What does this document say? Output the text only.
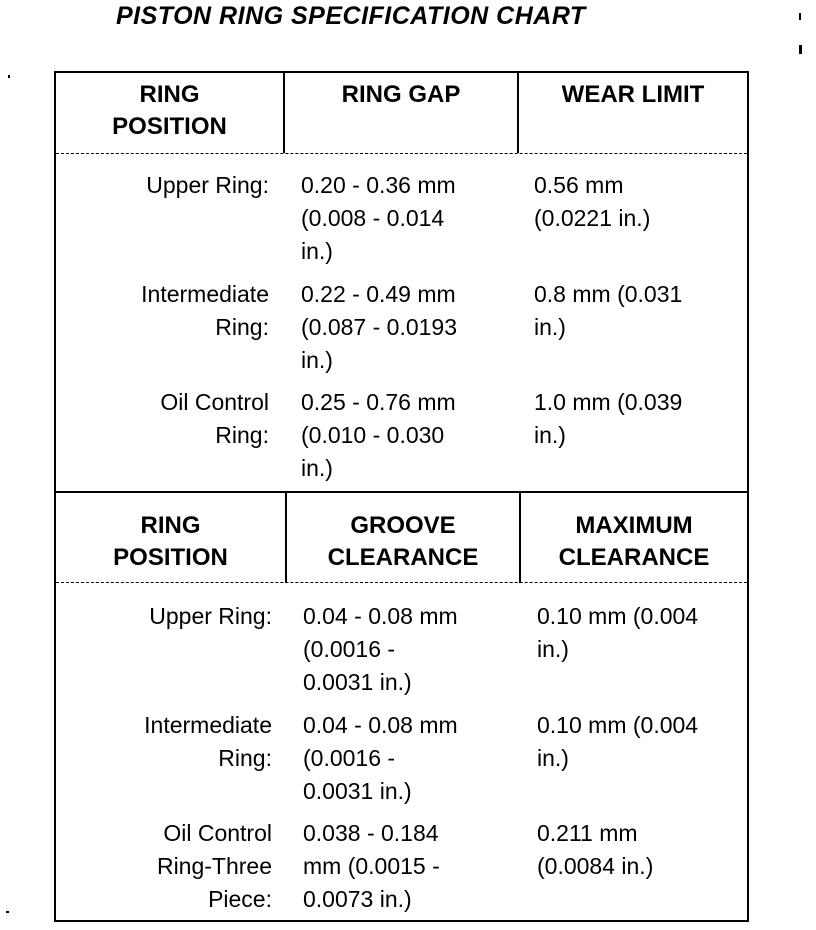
PISTON RING SPECIFICATION CHART
RING
POSITION
RING GAP	WEAR LIMIT
Upper Ring: 0.20 - 0.36 mm
(0.008 - 0.014
in.)
0.56 mm
(0.0221 in.)
Intermediate
Ring:
0.22 - 0.49 mm
(0.087 - 0.0193
in.)
0.8 mm (0.031
in.)
Oil Control
Ring:
0.25 - 0.76 mm
(0.010 - 0.030
in.)
1.0 mm (0.039
in.)
RING
POSITION
GROOVE
CLEARANCE
MAXIMUM
CLEARANCE
Upper Ring: 0.04 - 0.08 mm
(0.0016 -
0.0031 in.)
0.10 mm (0.004
in.)
Intermediate
Ring:
0.04 - 0.08 mm
(0.0016 -
0.0031 in.)
0.10 mm (0.004
in.)
Oil Control
Ring-Three
Piece:
0.038 - 0.184
mm (0.0015 -
0.0073 in.)
0.211 mm
(0.0084 in.)
